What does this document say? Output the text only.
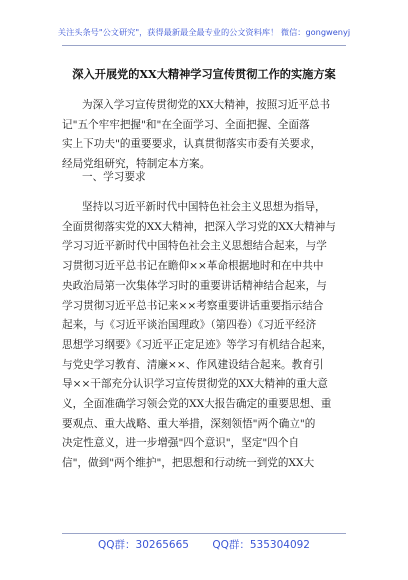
关注头条号"公文研究"，获得最新最全最专业的公文资料库！ 微信：gongwenyj
深入开展党的XX大精神学习宣传贯彻工作的实施方案
为深入学习宣传贯彻党的XX大精神，按照习近平总书
记"五个牢牢把握"和"在全面学习、全面把握、全面落
实上下功夫"的重要要求，认真贯彻落实市委有关要求，
经局党组研究，特制定本方案。
一、学习要求
坚持以习近平新时代中国特色社会主义思想为指导，
全面贯彻落实党的XX大精神，把深入学习党的XX大精神与
学习习近平新时代中国特色社会主义思想结合起来，与学
习贯彻习近平总书记在瞻仰××革命根据地时和在中共中
央政治局第一次集体学习时的重要讲话精神结合起来，与
学习贯彻习近平总书记来××考察重要讲话重要指示结合
起来，与《习近平谈治国理政》（第四卷）《习近平经济
思想学习纲要》《习近平正定足迹》等学习有机结合起来，
与党史学习教育、清廉××、作风建设结合起来。教育引
导××干部充分认识学习宣传贯彻党的XX大精神的重大意
义，全面准确学习领会党的XX大报告确定的重要思想、重
要观点、重大战略、重大举措，深刻领悟"两个确立"的
决定性意义，进一步增强"四个意识"，坚定"四个自
信"，做到"两个维护"，把思想和行动统一到党的XX大
QQ群：30265665 QQ群：535304092
